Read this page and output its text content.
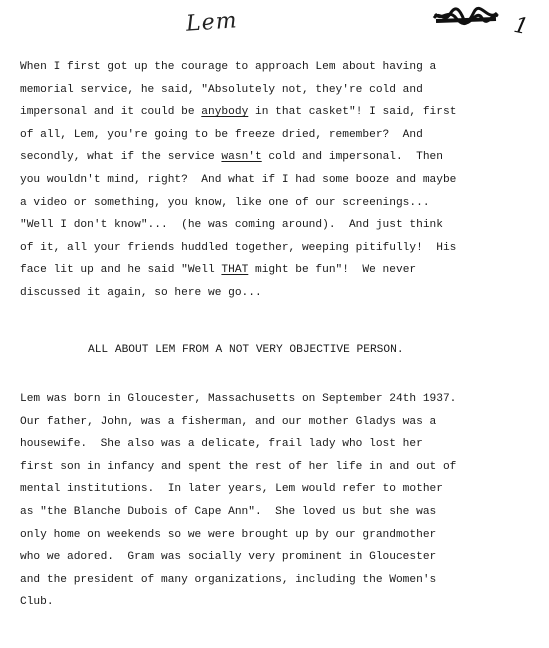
Lem	1
When I first got up the courage to approach Lem about having a
memorial service, he said, "Absolutely not, they're cold and
impersonal and it could be anybody in that casket"! I said, first
of all, Lem, you're going to be freeze dried, remember?  And
secondly, what if the service wasn't cold and impersonal.  Then
you wouldn't mind, right?  And what if I had some booze and maybe
a video or something, you know, like one of our screenings...
"Well I don't know"...  (he was coming around).  And just think
of it, all your friends huddled together, weeping pitifully!  His
face lit up and he said "Well THAT might be fun"!  We never
discussed it again, so here we go...
ALL ABOUT LEM FROM A NOT VERY OBJECTIVE PERSON.
Lem was born in Gloucester, Massachusetts on September 24th 1937.
Our father, John, was a fisherman, and our mother Gladys was a
housewife.  She also was a delicate, frail lady who lost her
first son in infancy and spent the rest of her life in and out of
mental institutions.  In later years, Lem would refer to mother
as "the Blanche Dubois of Cape Ann".  She loved us but she was
only home on weekends so we were brought up by our grandmother
who we adored.  Gram was socially very prominent in Gloucester
and the president of many organizations, including the Women's
Club.
